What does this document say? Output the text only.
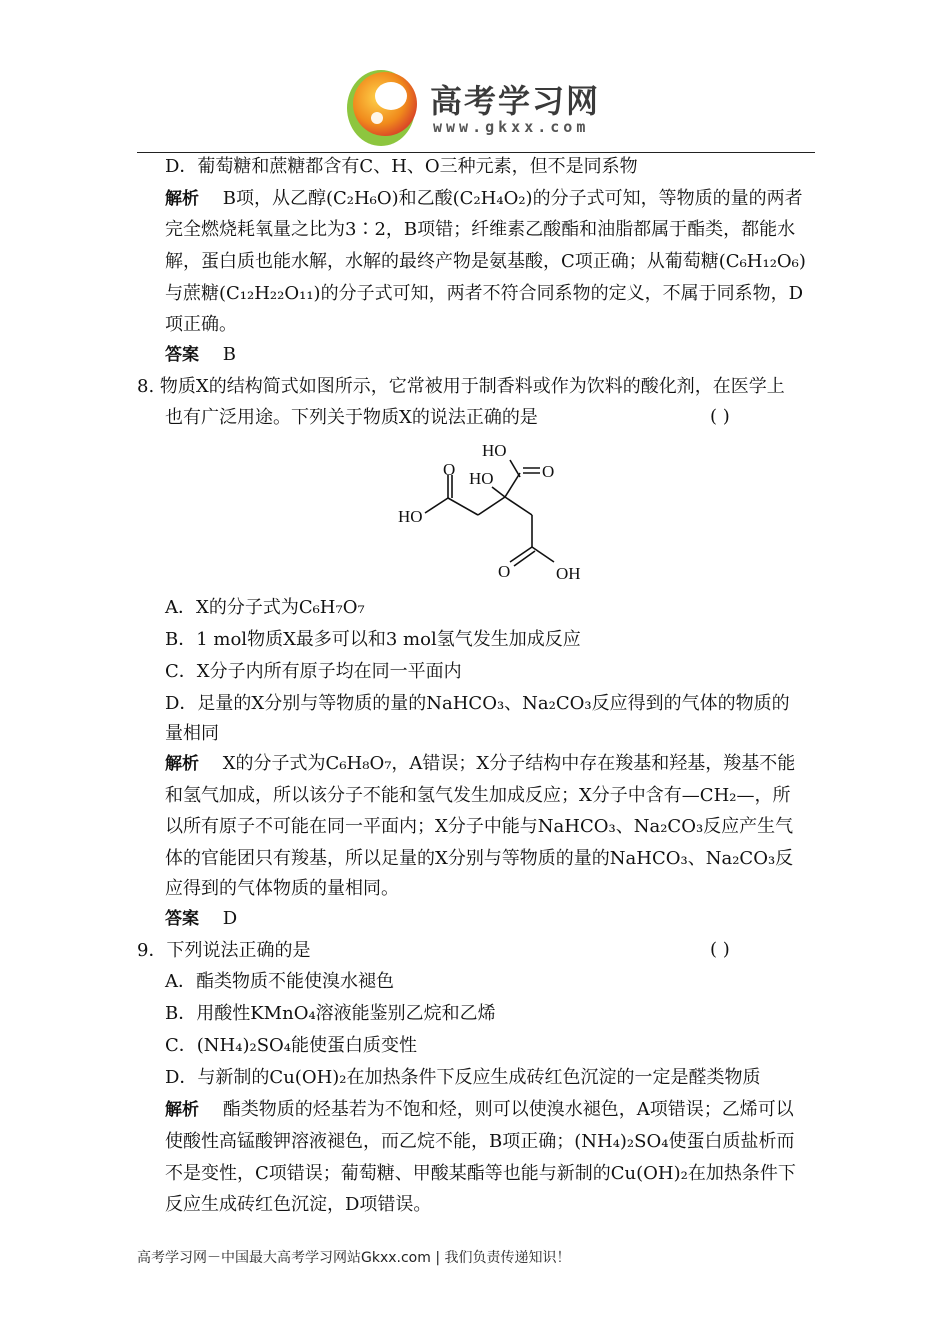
高考学习网
www.gkxx.com
D．葡萄糖和蔗糖都含有C、H、O三种元素，但不是同系物
解析 B项，从乙醇(C₂H₆O)和乙酸(C₂H₄O₂)的分子式可知，等物质的量的两者
完全燃烧耗氧量之比为3∶2，B项错；纤维素乙酸酯和油脂都属于酯类，都能水
解，蛋白质也能水解，水解的最终产物是氨基酸，C项正确；从葡萄糖(C₆H₁₂O₆)
与蔗糖(C₁₂H₂₂O₁₁)的分子式可知，两者不符合同系物的定义，不属于同系物，D
项正确。
答案 B
8. 物质X的结构简式如图所示，它常被用于制香料或作为饮料的酸化剂，在医学上
也有广泛用途。下列关于物质X的说法正确的是	( )
HO
O HO	O
HO
O	OH
A．X的分子式为C₆H₇O₇
B．1 mol物质X最多可以和3 mol氢气发生加成反应
C．X分子内所有原子均在同一平面内
D．足量的X分别与等物质的量的NaHCO₃、Na₂CO₃反应得到的气体的物质的
量相同
解析 X的分子式为C₆H₈O₇，A错误；X分子结构中存在羧基和羟基，羧基不能
和氢气加成，所以该分子不能和氢气发生加成反应；X分子中含有—CH₂—，所
以所有原子不可能在同一平面内；X分子中能与NaHCO₃、Na₂CO₃反应产生气
体的官能团只有羧基，所以足量的X分别与等物质的量的NaHCO₃、Na₂CO₃反
应得到的气体物质的量相同。
答案 D
9．下列说法正确的是	( )
A．酯类物质不能使溴水褪色
B．用酸性KMnO₄溶液能鉴别乙烷和乙烯
C．(NH₄)₂SO₄能使蛋白质变性
D．与新制的Cu(OH)₂在加热条件下反应生成砖红色沉淀的一定是醛类物质
解析 酯类物质的烃基若为不饱和烃，则可以使溴水褪色，A项错误；乙烯可以
使酸性高锰酸钾溶液褪色，而乙烷不能，B项正确；(NH₄)₂SO₄使蛋白质盐析而
不是变性，C项错误；葡萄糖、甲酸某酯等也能与新制的Cu(OH)₂在加热条件下
反应生成砖红色沉淀，D项错误。
高考学习网－中国最大高考学习网站Gkxx.com | 我们负责传递知识！
